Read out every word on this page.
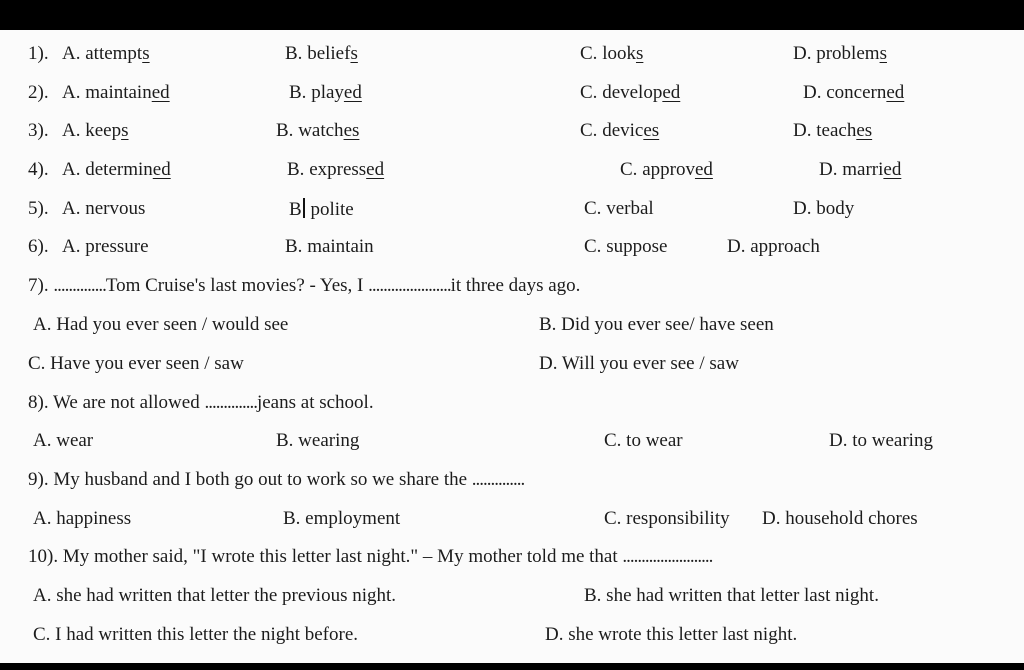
1). A. attempts	B. beliefs	C. looks	D. problems
2). A. maintained	B. played	C. developed	D. concerned
3). A. keeps	B. watches	C. devices	D. teaches
4). A. determined	B. expressed	C. approved	D. married
5). A. nervous	B polite	C. verbal	D. body
6). A. pressure	B. maintain	C. suppose	D. approach
7). ..............Tom Cruise's last movies? - Yes, I ......................it three days ago.
A. Had you ever seen / would see	B. Did you ever see/ have seen
C. Have you ever seen / saw	D. Will you ever see / saw
8). We are not allowed ..............jeans at school.
A. wear	B. wearing	C. to wear	D. to wearing
9). My husband and I both go out to work so we share the ..............
A. happiness	B. employment	C. responsibility D. household chores
10). My mother said, "I wrote this letter last night." – My mother told me that ........................
A. she had written that letter the previous night.	B. she had written that letter last night.
C. I had written this letter the night before.	D. she wrote this letter last night.
